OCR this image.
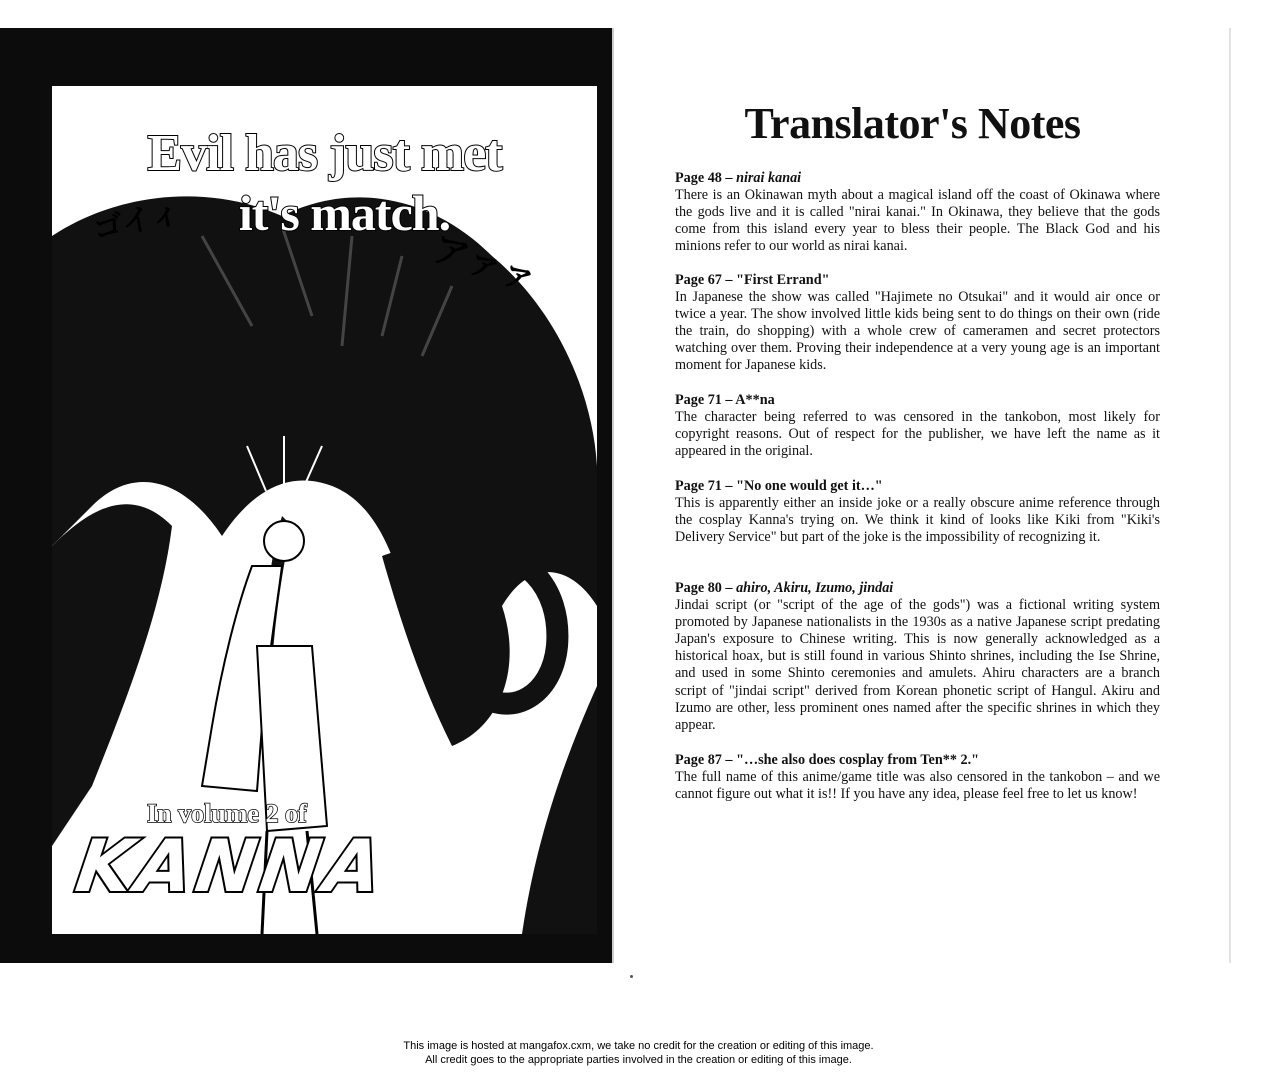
Evil has just met
it's match.
ゴイィ
アァァ
In volume 2 of
KANNA
Translator's Notes
Page 48 – nirai kanai
There is an Okinawan myth about a magical island off the coast of Okinawa where the gods live and it is called "nirai kanai." In Okinawa, they believe that the gods come from this island every year to bless their people. The Black God and his minions refer to our world as nirai kanai.
Page 67 – "First Errand"
In Japanese the show was called "Hajimete no Otsukai" and it would air once or twice a year. The show involved little kids being sent to do things on their own (ride the train, do shopping) with a whole crew of cameramen and secret protectors watching over them. Proving their independence at a very young age is an important moment for Japanese kids.
Page 71 – A**na
The character being referred to was censored in the tankobon, most likely for copyright reasons. Out of respect for the publisher, we have left the name as it appeared in the original.
Page 71 – "No one would get it…"
This is apparently either an inside joke or a really obscure anime reference through the cosplay Kanna's trying on. We think it kind of looks like Kiki from "Kiki's Delivery Service" but part of the joke is the impossibility of recognizing it.
Page 80 – ahiro, Akiru, Izumo, jindai
Jindai script (or "script of the age of the gods") was a fictional writing system promoted by Japanese nationalists in the 1930s as a native Japanese script predating Japan's exposure to Chinese writing. This is now generally acknowledged as a historical hoax, but is still found in various Shinto shrines, including the Ise Shrine, and used in some Shinto ceremonies and amulets. Ahiru characters are a branch script of "jindai script" derived from Korean phonetic script of Hangul. Akiru and Izumo are other, less prominent ones named after the specific shrines in which they appear.
Page 87 – "…she also does cosplay from Ten** 2."
The full name of this anime/game title was also censored in the tankobon – and we cannot figure out what it is!! If you have any idea, please feel free to let us know!
This image is hosted at mangafox.cxm, we take no credit for the creation or editing of this image.
All credit goes to the appropriate parties involved in the creation or editing of this image.
